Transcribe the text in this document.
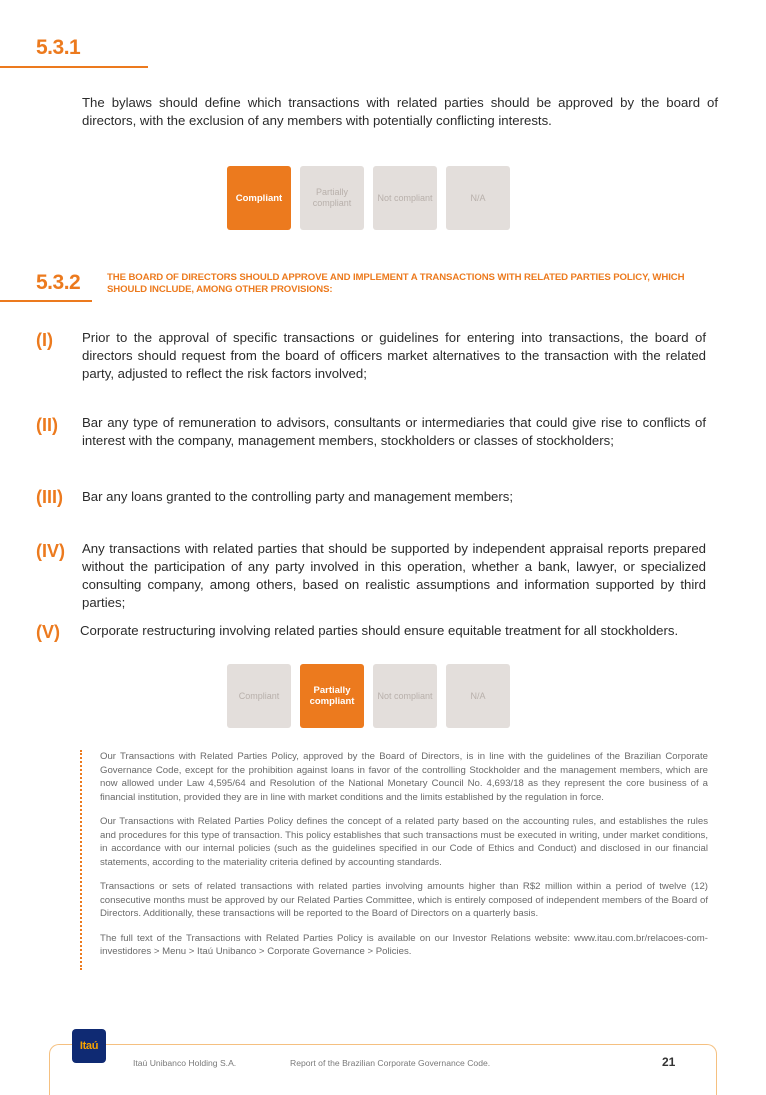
5.3.1
The bylaws should define which transactions with related parties should be approved by the board of directors, with the exclusion of any members with potentially conflicting interests.
Compliant
Partially compliant
Not compliant	N/A
5.3.2	THE BOARD OF DIRECTORS SHOULD APPROVE AND IMPLEMENT A TRANSACTIONS WITH RELATED PARTIES POLICY, WHICH SHOULD INCLUDE, AMONG OTHER PROVISIONS:
(I) Prior to the approval of specific transactions or guidelines for entering into transactions, the board of directors should request from the board of officers market alternatives to the transaction with the related party, adjusted to reflect the risk factors involved;
(II) Bar any type of remuneration to advisors, consultants or intermediaries that could give rise to conflicts of interest with the company, management members, stockholders or classes of stockholders;
(III) Bar any loans granted to the controlling party and management members;
(IV) Any transactions with related parties that should be supported by independent appraisal reports prepared without the participation of any party involved in this operation, whether a bank, lawyer, or specialized consulting company, among others, based on realistic assumptions and information supported by third parties;
(V) Corporate restructuring involving related parties should ensure equitable treatment for all stockholders.
Compliant	Partially compliant
Not compliant	N/A

Our Transactions with Related Parties Policy, approved by the Board of Directors, is in line with the guidelines of the Brazilian Corporate Governance Code, except for the prohibition against loans in favor of the controlling Stockholder and the management members, which are now allowed under Law 4,595/64 and Resolution of the National Monetary Council No. 4,693/18 as they represent the core business of a financial institution, provided they are in line with market conditions and the limits established by the regulation in force.

Our Transactions with Related Parties Policy defines the concept of a related party based on the accounting rules, and establishes the rules and procedures for this type of transaction. This policy establishes that such transactions must be executed in writing, under market conditions, in accordance with our internal policies (such as the guidelines specified in our Code of Ethics and Conduct) and disclosed in our financial statements, according to the materiality criteria defined by accounting standards.

Transactions or sets of related transactions with related parties involving amounts higher than R$2 million within a period of twelve (12) consecutive months must be approved by our Related Parties Committee, which is entirely composed of independent members of the Board of Directors. Additionally, these transactions will be reported to the Board of Directors on a quarterly basis.

The full text of the Transactions with Related Parties Policy is available on our Investor Relations website: www.itau.com.br/relacoes-com-investidores > Menu > Itaú Unibanco > Corporate Governance > Policies.

Itaú
Itaú Unibanco Holding S.A.	Report of the Brazilian Corporate Governance Code.	21
